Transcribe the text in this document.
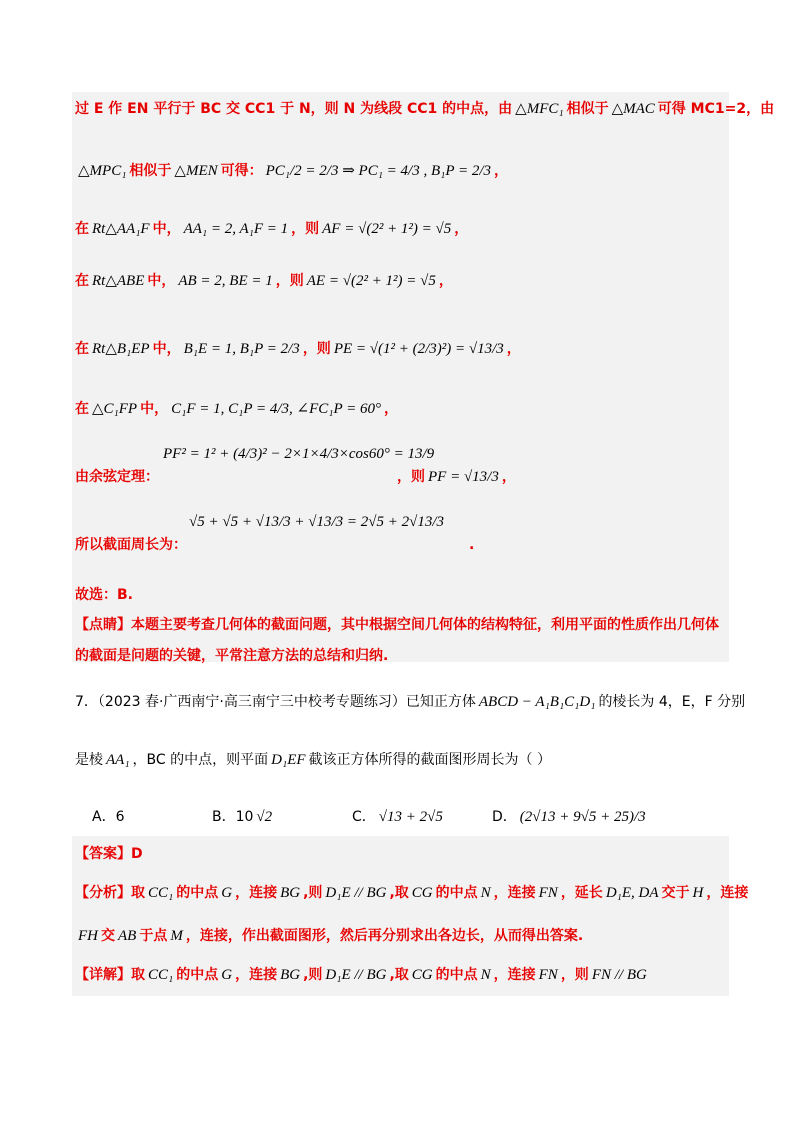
过 E 作 EN 平行于 BC 交 CC1 于 N，则 N 为线段 CC1 的中点，由 △MFC₁ 相似于 △MAC 可得 MC1=2，由
△MPC₁ 相似于 △MEN 可得： PC₁/2 = 2/3 ⇒ PC₁ = 4/3 , B₁P = 2/3 ，
在 Rt△AA₁F 中， AA₁ = 2, A₁F = 1 ，则 AF = √(2² + 1²) = √5 ，
在 Rt△ABE 中， AB = 2, BE = 1 ，则 AE = √(2² + 1²) = √5 ，
在 Rt△B₁EP 中， B₁E = 1, B₁P = 2/3 ，则 PE = √(1² + (2/3)²) = √13/3 ，
在 △C₁FP 中， C₁F = 1, C₁P = 4/3, ∠FC₁P = 60° ，
PF² = 1² + (4/3)² − 2×1×4/3×cos60° = 13/9
由余弦定理：	，则 PF = √13/3 ，
√5 + √5 + √13/3 + √13/3 = 2√5 + 2√13/3
所以截面周长为：	.
故选：B.
【点睛】本题主要考查几何体的截面问题，其中根据空间几何体的结构特征，利用平面的性质作出几何体
的截面是问题的关键，平常注意方法的总结和归纳.
7．（2023 春·广西南宁·高三南宁三中校考专题练习）已知正方体 ABCD − A₁B₁C₁D₁ 的棱长为 4，E，F 分别
是棱 AA₁ ，BC 的中点，则平面 D₁EF 截该正方体所得的截面图形周长为（ ）
A．6	B．10 √2	C． √13 + 2√5	D． (2√13 + 9√5 + 25)/3
【答案】D
【分析】取 CC₁ 的中点 G ，连接 BG ,则 D₁E // BG ,取 CG 的中点 N ，连接 FN ，延长 D₁E, DA 交于 H ，连接
FH 交 AB 于点 M ，连接，作出截面图形，然后再分别求出各边长，从而得出答案.
【详解】取 CC₁ 的中点 G ，连接 BG ,则 D₁E // BG ,取 CG 的中点 N ，连接 FN ，则 FN // BG
